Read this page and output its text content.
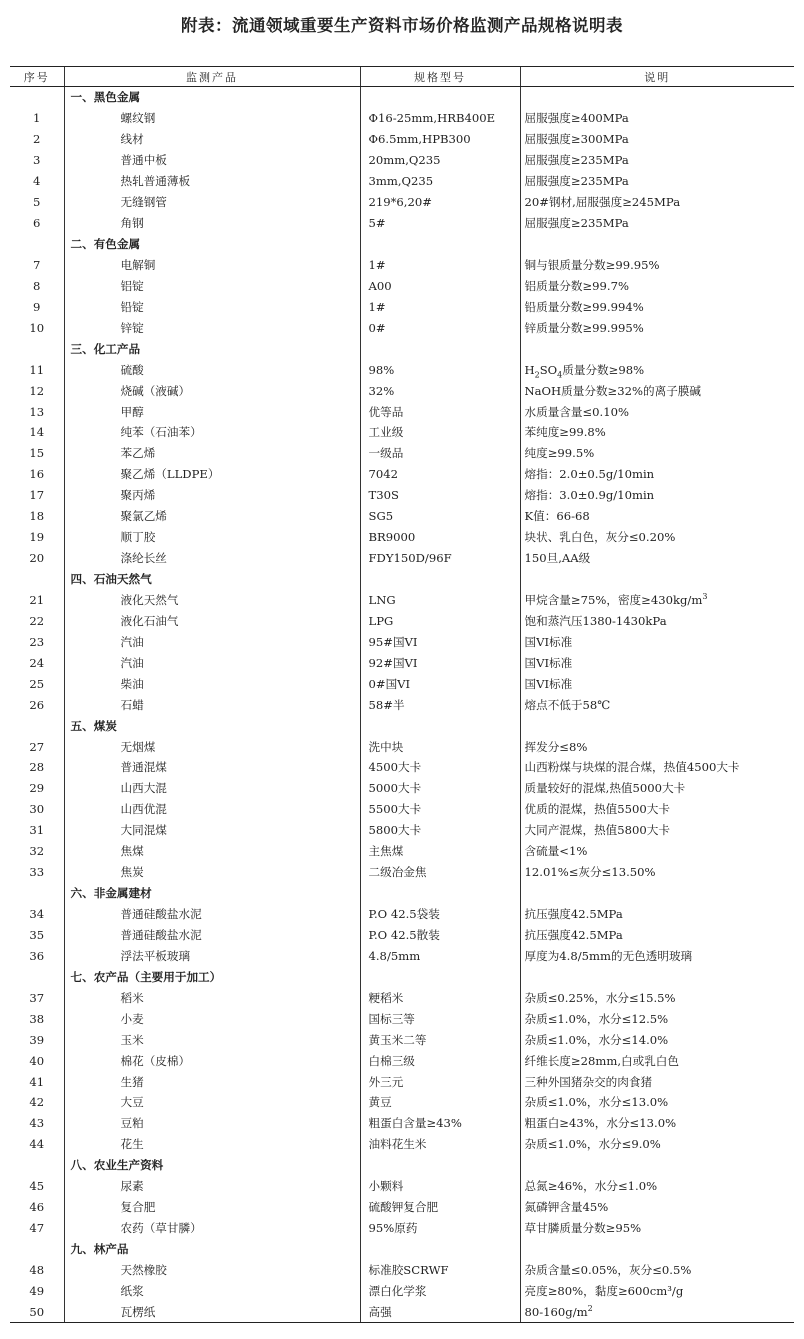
附表：流通领域重要生产资料市场价格监测产品规格说明表
序号	监测产品	规格型号	说明
	一、黑色金属		
1	螺纹钢	Φ16-25mm,HRB400E	屈服强度≥400MPa
2	线材	Φ6.5mm,HPB300	屈服强度≥300MPa
3	普通中板	20mm,Q235	屈服强度≥235MPa
4	热轧普通薄板	3mm,Q235	屈服强度≥235MPa
5	无缝钢管	219*6,20#	20#钢材,屈服强度≥245MPa
6	角钢	5#	屈服强度≥235MPa
	二、有色金属		
7	电解铜	1#	铜与银质量分数≥99.95%
8	铝锭	A00	铝质量分数≥99.7%
9	铅锭	1#	铅质量分数≥99.994%
10	锌锭	0#	锌质量分数≥99.995%
	三、化工产品		
11	硫酸	98%	$H_2SO_4$质量分数≥98%
12	烧碱（液碱）	32%	NaOH质量分数≥32%的离子膜碱
13	甲醇	优等品	水质量含量≤0.10%
14	纯苯（石油苯）	工业级	苯纯度≥99.8%
15	苯乙烯	一级品	纯度≥99.5%
16	聚乙烯（LLDPE）	7042	熔指：2.0±0.5g/10min
17	聚丙烯	T30S	熔指：3.0±0.9g/10min
18	聚氯乙烯	SG5	K值：66-68
19	顺丁胶	BR9000	块状、乳白色，灰分≤0.20%
20	涤纶长丝	FDY150D/96F	150旦,AA级
	四、石油天然气		
21	液化天然气	LNG	甲烷含量≥75%，密度$\ge 430kg/m^3$
22	液化石油气	LPG	饱和蒸汽压1380-1430kPa
23	汽油	95#国VI	国VI标准
24	汽油	92#国VI	国VI标准
25	柴油	0#国VI	国VI标准
26	石蜡	58#半	熔点不低于58℃
	五、煤炭		
27	无烟煤	洗中块	挥发分≤8%
28	普通混煤	4500大卡	山西粉煤与块煤的混合煤，热值4500大卡
29	山西大混	5000大卡	质量较好的混煤,热值5000大卡
30	山西优混	5500大卡	优质的混煤，热值5500大卡
31	大同混煤	5800大卡	大同产混煤，热值5800大卡
32	焦煤	主焦煤	含硫量<1%
33	焦炭	二级冶金焦	12.01%≤灰分≤13.50%
	六、非金属建材		
34	普通硅酸盐水泥	P.O 42.5袋装	抗压强度42.5MPa
35	普通硅酸盐水泥	P.O 42.5散装	抗压强度42.5MPa
36	浮法平板玻璃	4.8/5mm	厚度为4.8/5mm的无色透明玻璃
	七、农产品（主要用于加工）		
37	稻米	粳稻米	杂质≤0.25%，水分≤15.5%
38	小麦	国标三等	杂质≤1.0%，水分≤12.5%
39	玉米	黄玉米二等	杂质≤1.0%，水分≤14.0%
40	棉花（皮棉）	白棉三级	纤维长度≥28mm,白或乳白色
41	生猪	外三元	三种外国猪杂交的肉食猪
42	大豆	黄豆	杂质≤1.0%，水分≤13.0%
43	豆粕	粗蛋白含量≥43%	粗蛋白≥43%，水分≤13.0%
44	花生	油料花生米	杂质≤1.0%，水分≤9.0%
	八、农业生产资料		
45	尿素	小颗料	总氮≥46%，水分≤1.0%
46	复合肥	硫酸钾复合肥	氮磷钾含量45%
47	农药（草甘膦）	95%原药	草甘膦质量分数≥95%
	九、林产品		
48	天然橡胶	标准胶SCRWF	杂质含量≤0.05%，灰分≤0.5%
49	纸浆	漂白化学浆	亮度≥80%，黏度≥600cm³/g
50	瓦楞纸	高强	$80-160g/m^2$
